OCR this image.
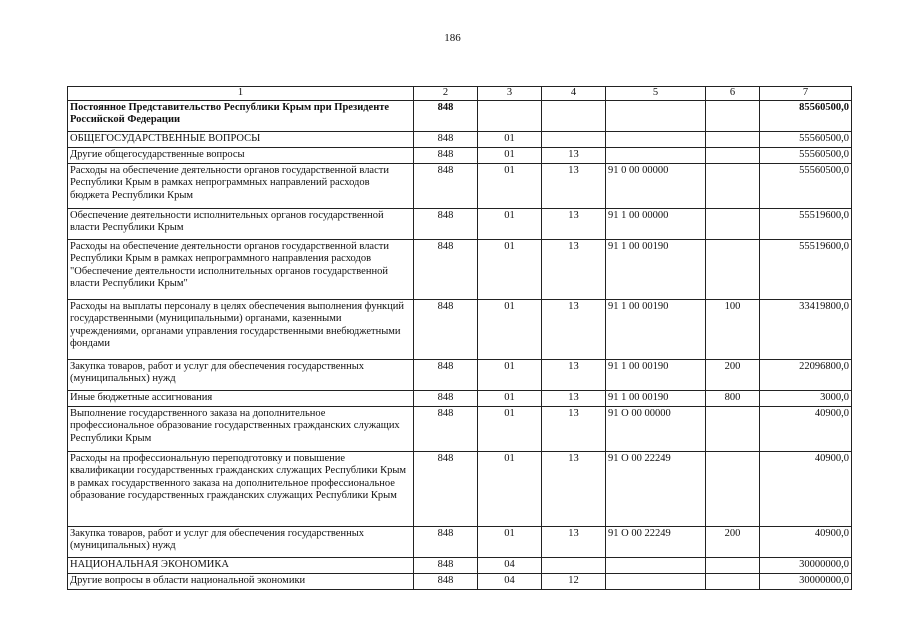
186
1	2	3	4	5	6	7
Постоянное Представительство Республики Крым при Президенте Российской Федерации	848					85560500,0
ОБЩЕГОСУДАРСТВЕННЫЕ ВОПРОСЫ	848	01				55560500,0
Другие общегосударственные вопросы	848	01	13			55560500,0
Расходы на обеспечение деятельности органов государственной власти Республики Крым в рамках непрограммных направлений расходов бюджета Республики Крым	848	01	13	91 0 00 00000		55560500,0
Обеспечение деятельности исполнительных органов государственной власти Республики Крым	848	01	13	91 1 00 00000		55519600,0
Расходы на обеспечение деятельности органов государственной власти Республики Крым в рамках непрограммного направления расходов "Обеспечение деятельности исполнительных органов государственной власти Республики Крым"	848	01	13	91 1 00 00190		55519600,0
Расходы на выплаты персоналу в целях обеспечения выполнения функций государственными (муниципальными) органами, казенными учреждениями, органами управления государственными внебюджетными фондами	848	01	13	91 1 00 00190	100	33419800,0
Закупка товаров, работ и услуг для обеспечения государственных (муниципальных) нужд	848	01	13	91 1 00 00190	200	22096800,0
Иные бюджетные ассигнования	848	01	13	91 1 00 00190	800	3000,0
Выполнение государственного заказа на дополнительное профессиональное образование государственных гражданских служащих Республики Крым	848	01	13	91 О 00 00000		40900,0
Расходы на профессиональную переподготовку и повышение квалификации государственных гражданских служащих Республики Крым в рамках государственного заказа на дополнительное профессиональное образование государственных гражданских служащих Республики Крым	848	01	13	91 О 00 22249		40900,0
Закупка товаров, работ и услуг для обеспечения государственных (муниципальных) нужд	848	01	13	91 О 00 22249	200	40900,0
НАЦИОНАЛЬНАЯ ЭКОНОМИКА	848	04				30000000,0
Другие вопросы в области национальной экономики	848	04	12			30000000,0
